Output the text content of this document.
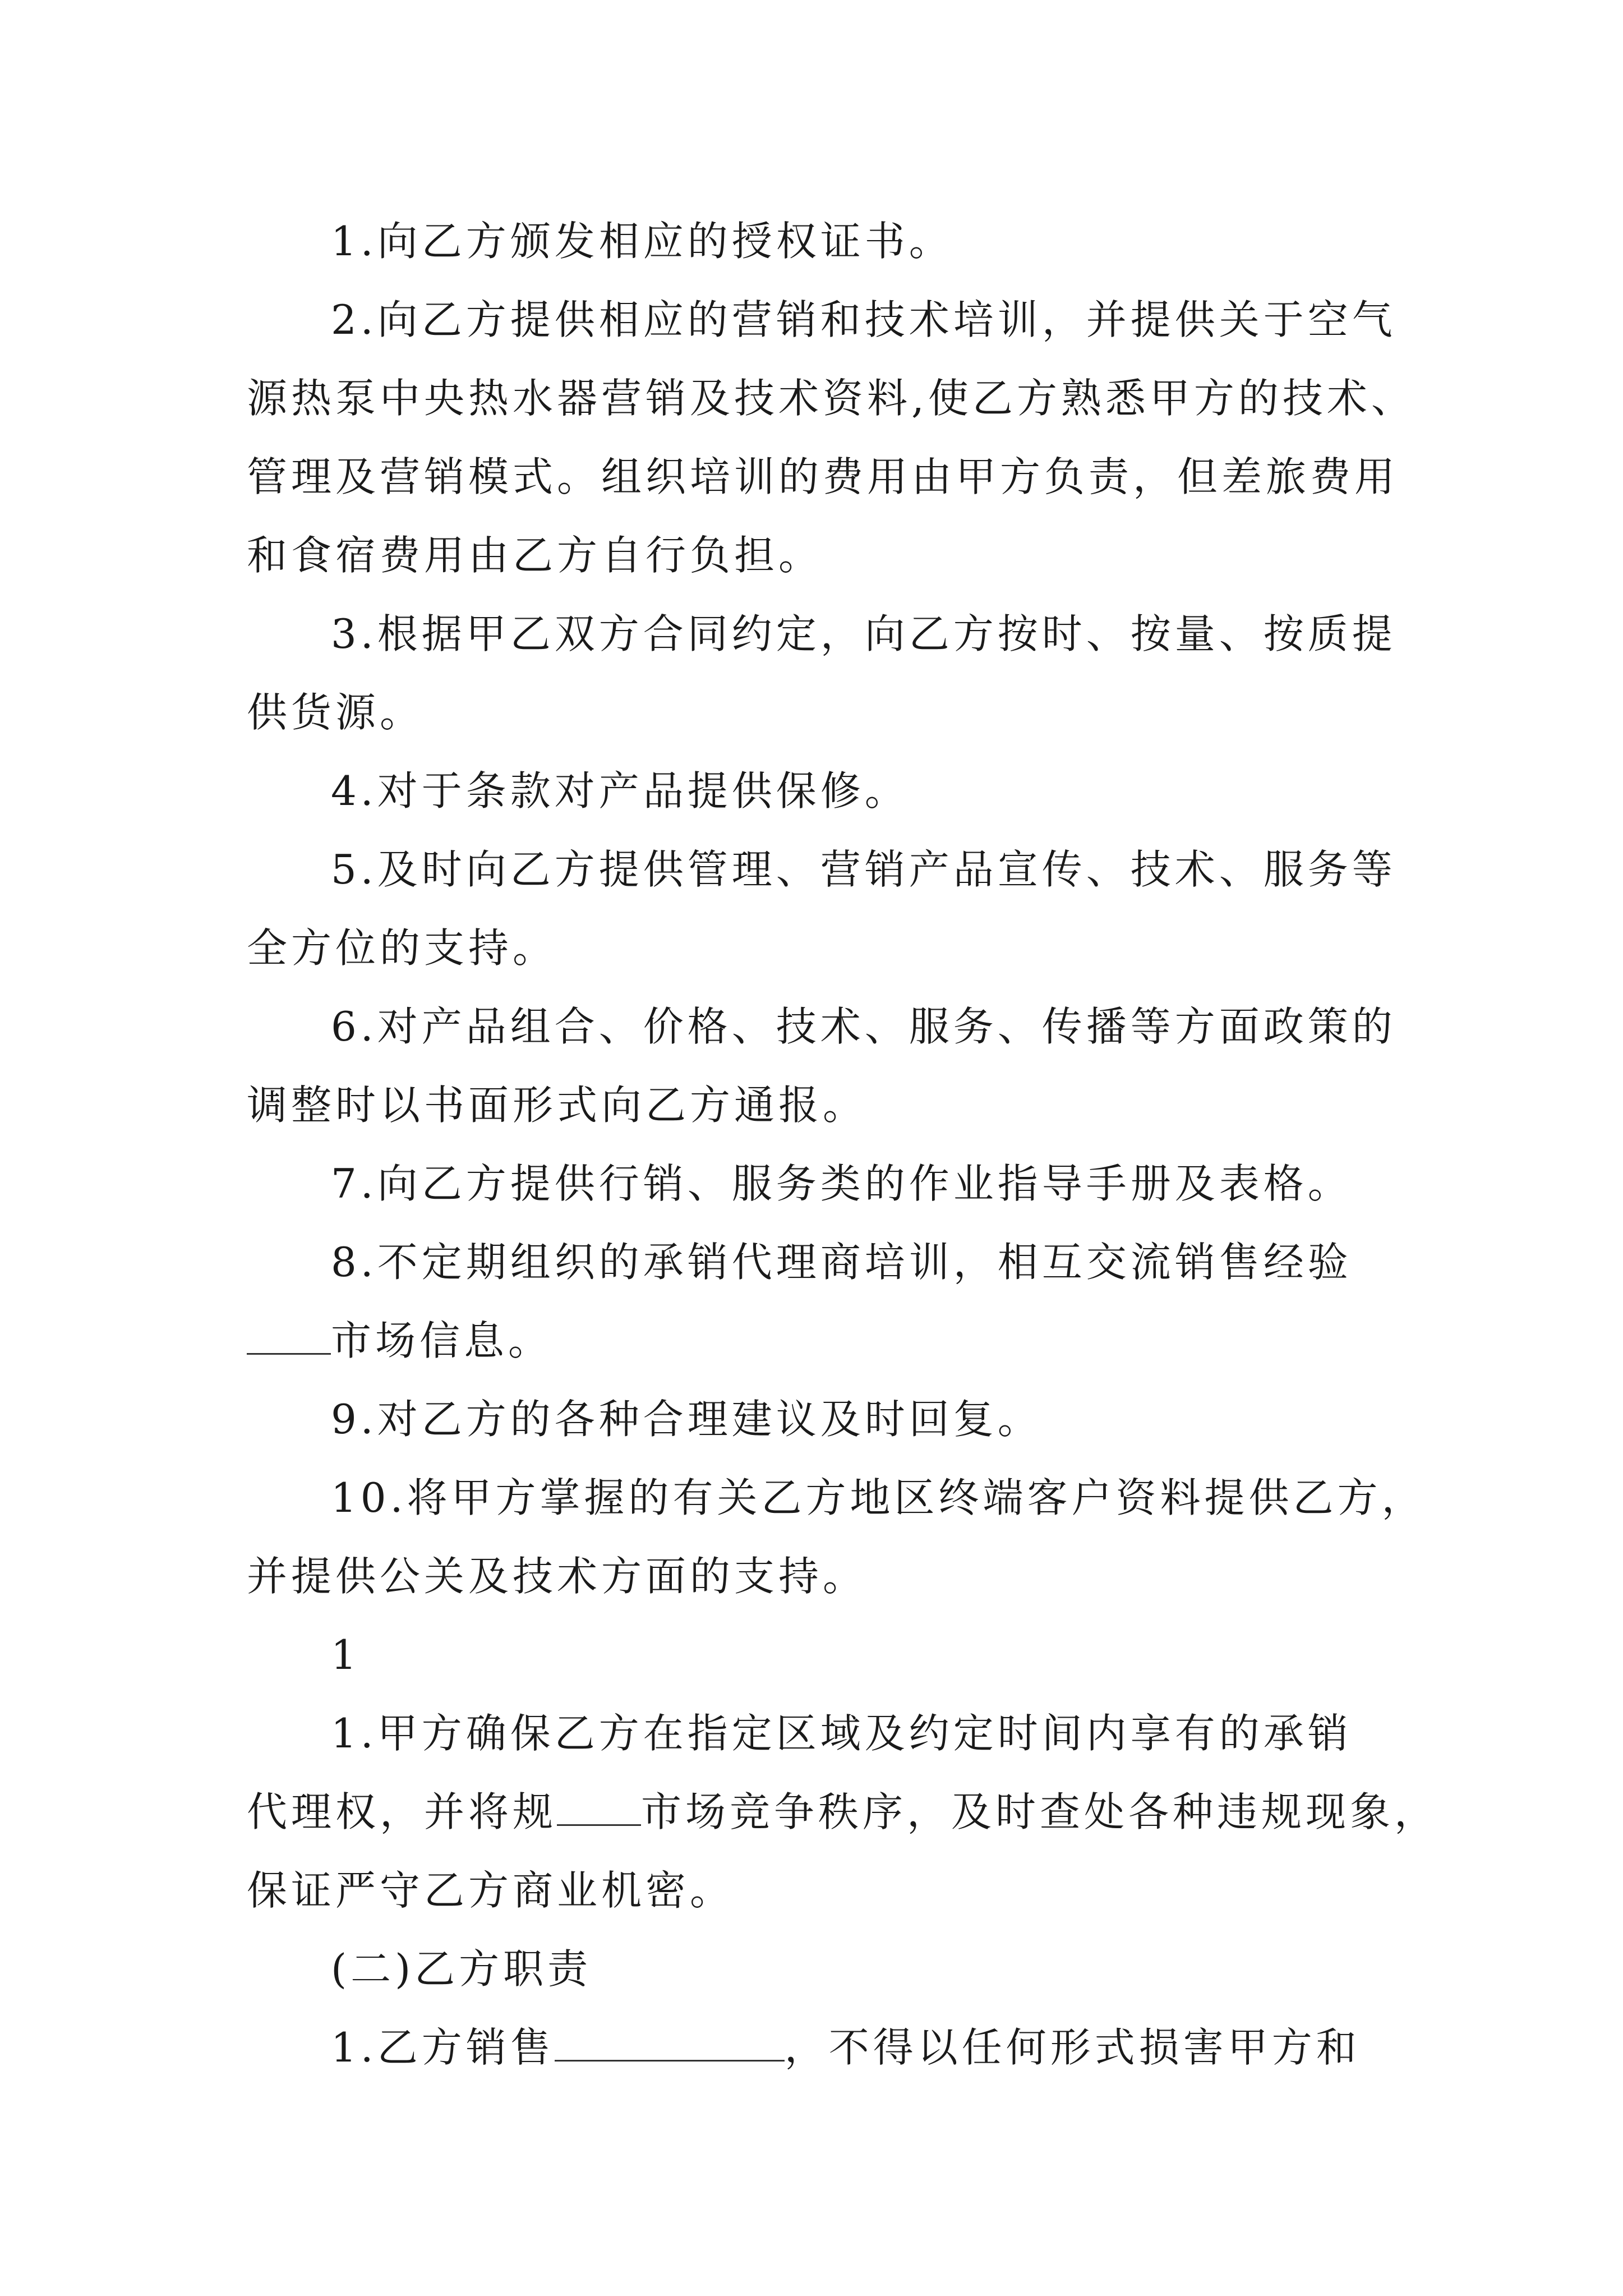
1.向乙方颁发相应的授权证书。
2.向乙方提供相应的营销和技术培训，并提供关于空气
源热泵中央热水器营销及技术资料,使乙方熟悉甲方的技术、
管理及营销模式。组织培训的费用由甲方负责，但差旅费用
和食宿费用由乙方自行负担。
3.根据甲乙双方合同约定，向乙方按时、按量、按质提
供货源。
4.对于条款对产品提供保修。
5.及时向乙方提供管理、营销产品宣传、技术、服务等
全方位的支持。
6.对产品组合、价格、技术、服务、传播等方面政策的
调整时以书面形式向乙方通报。
7.向乙方提供行销、服务类的作业指导手册及表格。
8.不定期组织的承销代理商培训，相互交流销售经验
市场信息。
9.对乙方的各种合理建议及时回复。
10.将甲方掌握的有关乙方地区终端客户资料提供乙方，
并提供公关及技术方面的支持。
1
1.甲方确保乙方在指定区域及约定时间内享有的承销
代理权，并将规 市场竞争秩序，及时查处各种违规现象，
保证严守乙方商业机密。
(二)乙方职责
1.乙方销售	，不得以任何形式损害甲方和
